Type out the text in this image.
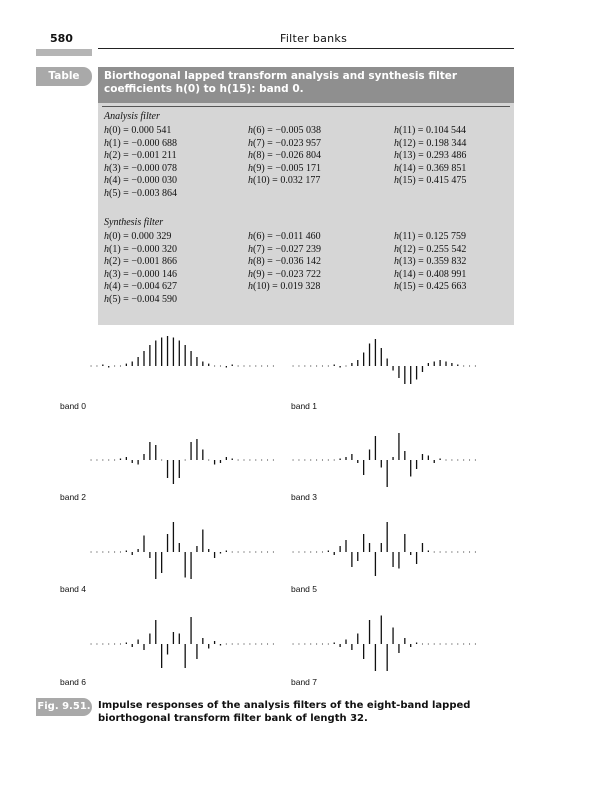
580	Filter banks
Table 9.4.
Biorthogonal lapped transform analysis and synthesis filter coefficients h(0) to h(15): band 0.
Analysis filter
h(0) = 0.000 541
h(1) = −0.000 688
h(2) = −0.001 211
h(3) = −0.000 078
h(4) = −0.000 030
h(5) = −0.003 864
h(6) = −0.005 038
h(7) = −0.023 957
h(8) = −0.026 804
h(9) = −0.005 171
h(10) = 0.032 177
h(11) = 0.104 544
h(12) = 0.198 344
h(13) = 0.293 486
h(14) = 0.369 851
h(15) = 0.415 475
Synthesis filter
h(0) = 0.000 329
h(1) = −0.000 320
h(2) = −0.001 866
h(3) = −0.000 146
h(4) = −0.004 627
h(5) = −0.004 590
h(6) = −0.011 460
h(7) = −0.027 239
h(8) = −0.036 142
h(9) = −0.023 722
h(10) = 0.019 328
h(11) = 0.125 759
h(12) = 0.255 542
h(13) = 0.359 832
h(14) = 0.408 991
h(15) = 0.425 663
band 0	band 1
band 2	band 3
band 4	band 5
band 6	band 7
Fig. 9.51. Impulse responses of the analysis filters of the eight-band lapped biorthogonal transform filter bank of length 32.
